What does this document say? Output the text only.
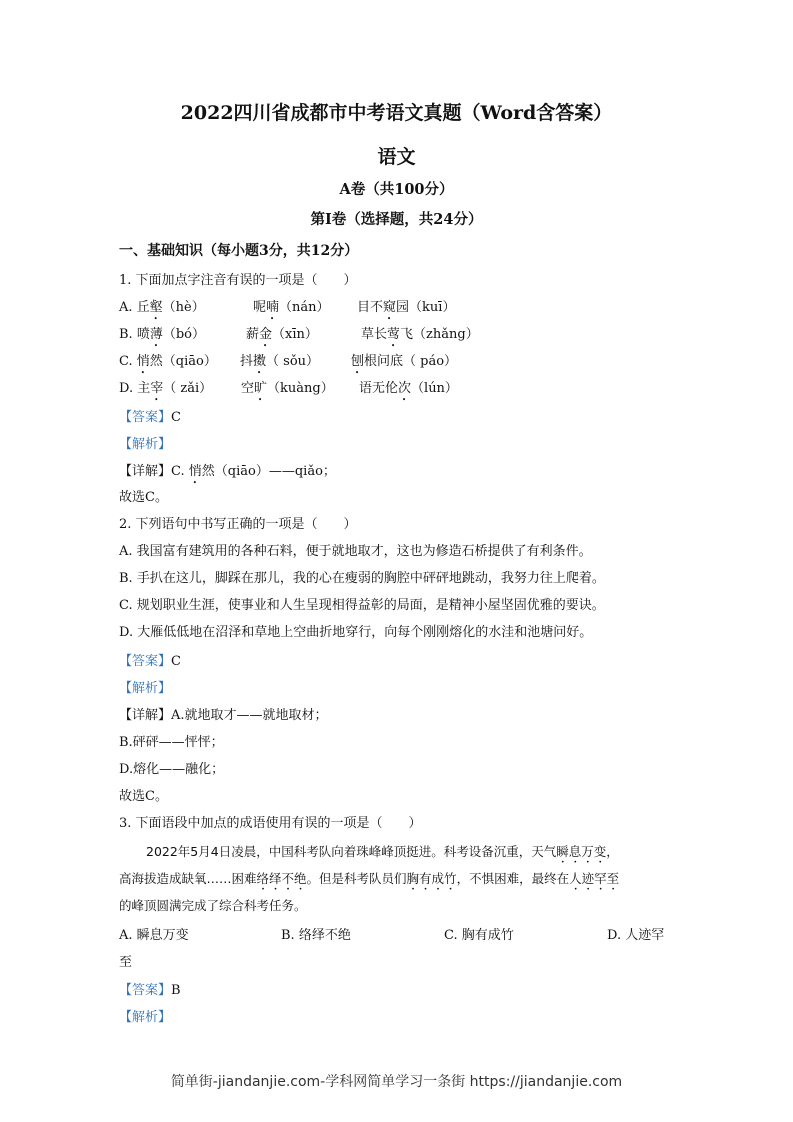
2022四川省成都市中考语文真题（Word含答案）
语文
A卷（共100分）
第Ⅰ卷（选择题，共24分）
一、基础知识（每小题3分，共12分）
1. 下面加点字注音有误的一项是（　　）
A. 丘壑（hè）	呢喃（nán） 目不窥园（kuī）
B. 喷薄（bó）	薪金（xīn）	草长莺飞（zhǎng）
C. 悄然（qiāo） 抖擞（ sǒu） 刨根问底（ páo）
D. 主宰（ zǎi） 空旷（kuàng） 语无伦次（lún）
【答案】C
【解析】
【详解】C. 悄然（qiāo）——qiǎo；
故选C。
2. 下列语句中书写正确的一项是（　　）
A. 我国富有建筑用的各种石料，便于就地取才，这也为修造石桥提供了有利条件。
B. 手扒在这儿，脚踩在那儿，我的心在瘦弱的胸腔中砰砰地跳动，我努力往上爬着。
C. 规划职业生涯，使事业和人生呈现相得益彰的局面，是精神小屋坚固优雅的要诀。
D. 大雁低低地在沼泽和草地上空曲折地穿行，向每个刚刚熔化的水洼和池塘问好。
【答案】C
【解析】
【详解】A.就地取才——就地取材；
B.砰砰——怦怦；
D.熔化——融化；
故选C。
3. 下面语段中加点的成语使用有误的一项是（　　）
2022年5月4日凌晨，中国科考队向着珠峰峰顶挺进。科考设备沉重，天气瞬息万变，
高海拔造成缺氧……困难络绎不绝。但是科考队员们胸有成竹，不惧困难，最终在人迹罕至
的峰顶圆满完成了综合科考任务。
A. 瞬息万变	B. 络绎不绝	C. 胸有成竹	D. 人迹罕
至
【答案】B
【解析】
简单街-jiandanjie.com-学科网简单学习一条街 https://jiandanjie.com
